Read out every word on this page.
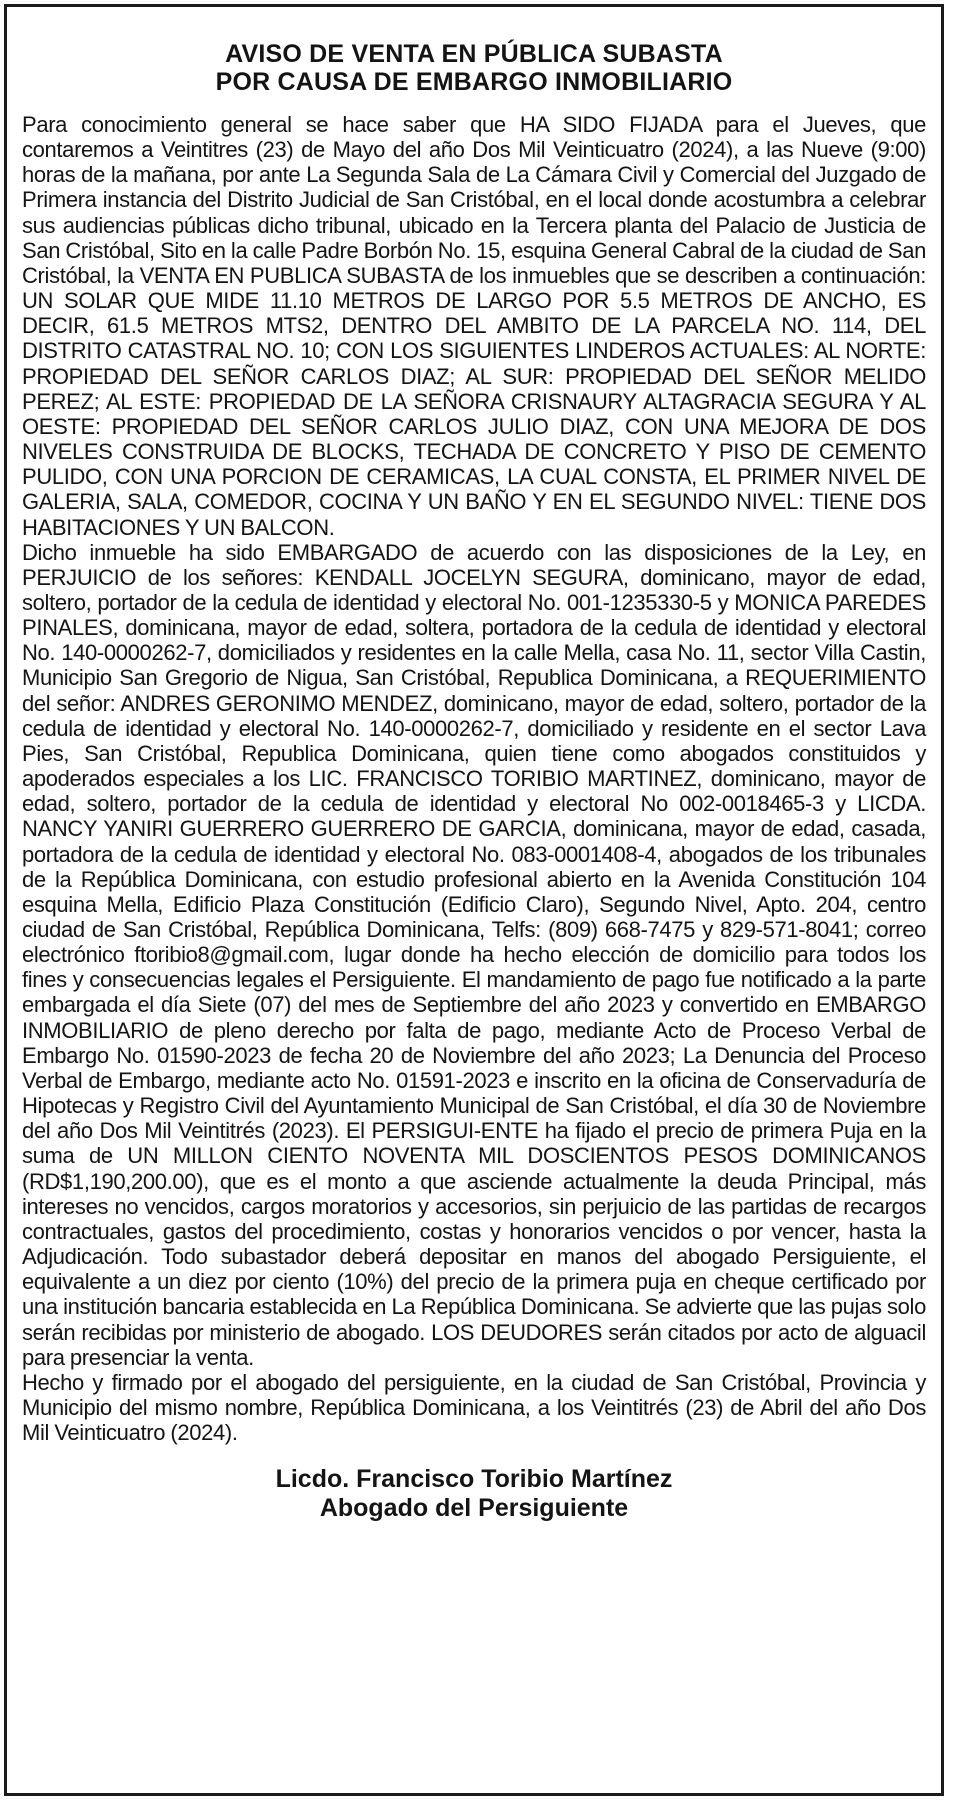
AVISO DE VENTA EN PÚBLICA SUBASTA
POR CAUSA DE EMBARGO INMOBILIARIO

Para conocimiento general se hace saber que HA SIDO FIJADA para el Jueves, que contaremos a Veintitres (23) de Mayo del año Dos Mil Veinticuatro (2024), a las Nueve (9:00) horas de la mañana, por ante La Segunda Sala de La Cámara Civil y Comercial del Juzgado de Primera instancia del Distrito Judicial de San Cristóbal, en el local donde acostumbra a celebrar sus audiencias públicas dicho tribunal, ubicado en la Tercera planta del Palacio de Justicia de San Cristóbal, Sito en la calle Padre Borbón No. 15, esquina General Cabral de la ciudad de San Cristóbal, la VENTA EN PUBLICA SUBASTA de los inmuebles que se describen a continuación: UN SOLAR QUE MIDE 11.10 METROS DE LARGO POR 5.5 METROS DE ANCHO, ES DECIR, 61.5 METROS MTS2, DENTRO DEL AMBITO DE LA PARCELA NO. 114, DEL DISTRITO CATASTRAL NO. 10; CON LOS SIGUIENTES LINDEROS ACTUALES: AL NORTE: PROPIEDAD DEL SEÑOR CARLOS DIAZ; AL SUR: PROPIEDAD DEL SEÑOR MELIDO PEREZ; AL ESTE: PROPIEDAD DE LA SEÑORA CRISNAURY ALTAGRACIA SEGURA Y AL OESTE: PROPIEDAD DEL SEÑOR CARLOS JULIO DIAZ, CON UNA MEJORA DE DOS NIVELES CONSTRUIDA DE BLOCKS, TECHADA DE CONCRETO Y PISO DE CEMENTO PULIDO, CON UNA PORCION DE CERAMICAS, LA CUAL CONSTA, EL PRIMER NIVEL DE GALERIA, SALA, COMEDOR, COCINA Y UN BAÑO Y EN EL SEGUNDO NIVEL: TIENE DOS HABITACIONES Y UN BALCON.

Dicho inmueble ha sido EMBARGADO de acuerdo con las disposiciones de la Ley, en PERJUICIO de los señores: KENDALL JOCELYN SEGURA, dominicano, mayor de edad, soltero, portador de la cedula de identidad y electoral No. 001-1235330-5 y MONICA PAREDES PINALES, dominicana, mayor de edad, soltera, portadora de la cedula de identidad y electoral No. 140-0000262-7, domiciliados y residentes en la calle Mella, casa No. 11, sector Villa Castin, Municipio San Gregorio de Nigua, San Cristóbal, Republica Dominicana, a REQUERIMIENTO del señor: ANDRES GERONIMO MENDEZ, dominicano, mayor de edad, soltero, portador de la cedula de identidad y electoral No. 140-0000262-7, domiciliado y residente en el sector Lava Pies, San Cristóbal, Republica Dominicana, quien tiene como abogados constituidos y apoderados especiales a los LIC. FRANCISCO TORIBIO MARTINEZ, dominicano, mayor de edad, soltero, portador de la cedula de identidad y electoral No 002-0018465-3 y LICDA. NANCY YANIRI GUERRERO GUERRERO DE GARCIA, dominicana, mayor de edad, casada, portadora de la cedula de identidad y electoral No. 083-0001408-4, abogados de los tribunales de la República Dominicana, con estudio profesional abierto en la Avenida Constitución 104 esquina Mella, Edificio Plaza Constitución (Edificio Claro), Segundo Nivel, Apto. 204, centro ciudad de San Cristóbal, República Dominicana, Telfs: (809) 668-7475 y 829-571-8041; correo electrónico ftoribio8@gmail.com, lugar donde ha hecho elección de domicilio para todos los fines y consecuencias legales el Persiguiente. El mandamiento de pago fue notificado a la parte embargada el día Siete (07) del mes de Septiembre del año 2023 y convertido en EMBARGO INMOBILIARIO de pleno derecho por falta de pago, mediante Acto de Proceso Verbal de Embargo No. 01590-2023 de fecha 20 de Noviembre del año 2023; La Denuncia del Proceso Verbal de Embargo, mediante acto No. 01591-2023 e inscrito en la oficina de Conservaduría de Hipotecas y Registro Civil del Ayuntamiento Municipal de San Cristóbal, el día 30 de Noviembre del año Dos Mil Veintitrés (2023). El PERSIGUI-ENTE ha fijado el precio de primera Puja en la suma de UN MILLON CIENTO NOVENTA MIL DOSCIENTOS PESOS DOMINICANOS (RD$1,190,200.00), que es el monto a que asciende actualmente la deuda Principal, más intereses no vencidos, cargos moratorios y accesorios, sin perjuicio de las partidas de recargos contractuales, gastos del procedimiento, costas y honorarios vencidos o por vencer, hasta la Adjudicación. Todo subastador deberá depositar en manos del abogado Persiguiente, el equivalente a un diez por ciento (10%) del precio de la primera puja en cheque certificado por una institución bancaria establecida en La República Dominicana. Se advierte que las pujas solo serán recibidas por ministerio de abogado. LOS DEUDORES serán citados por acto de alguacil para presenciar la venta.

Hecho y firmado por el abogado del persiguiente, en la ciudad de San Cristóbal, Provincia y Municipio del mismo nombre, República Dominicana, a los Veintitrés (23) de Abril del año Dos Mil Veinticuatro (2024).

Licdo. Francisco Toribio Martínez
Abogado del Persiguiente
